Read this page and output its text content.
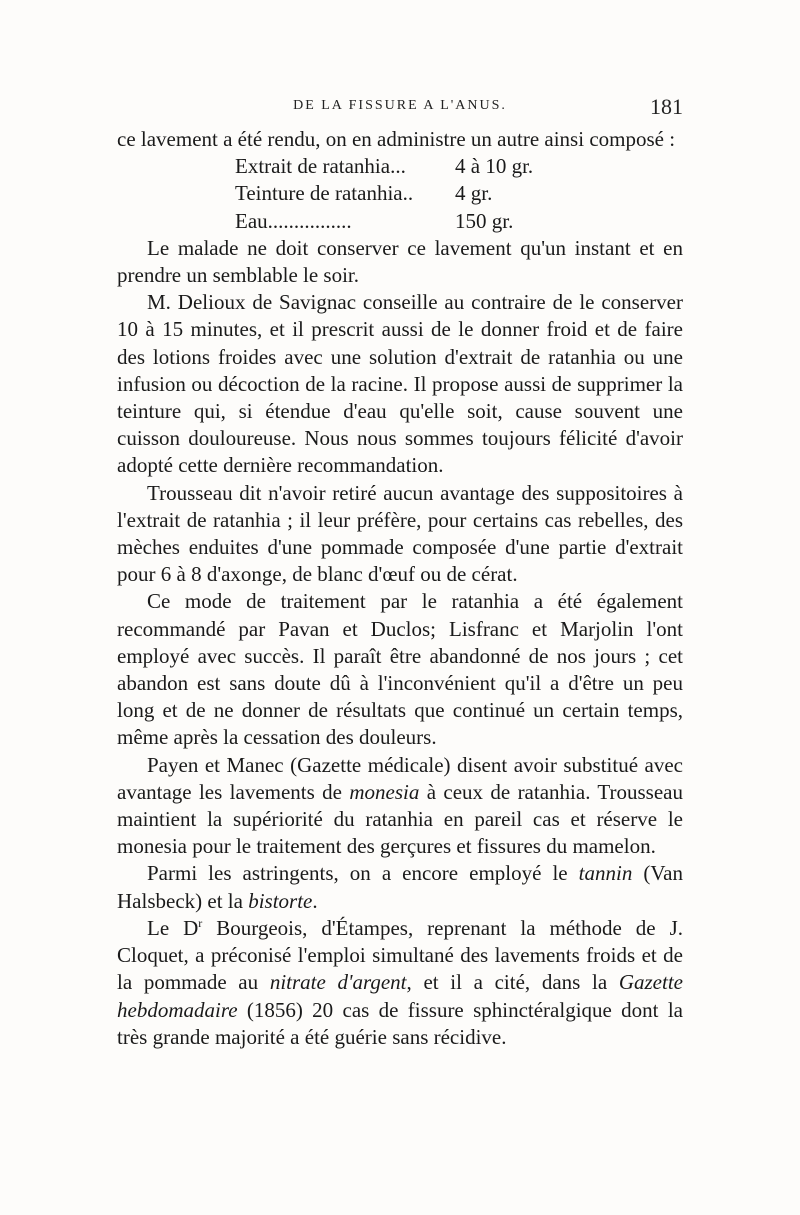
DE LA FISSURE A L'ANUS.	181

ce lavement a été rendu, on en administre un autre ainsi composé :

Extrait de ratanhia...	4 à 10 gr.
Teinture de ratanhia..	4 gr.
Eau................	150 gr.

Le malade ne doit conserver ce lavement qu'un instant et en prendre un semblable le soir.

M. Delioux de Savignac conseille au contraire de le conserver 10 à 15 minutes, et il prescrit aussi de le donner froid et de faire des lotions froides avec une solution d'extrait de ratanhia ou une infusion ou décoction de la racine. Il propose aussi de supprimer la teinture qui, si étendue d'eau qu'elle soit, cause souvent une cuisson douloureuse. Nous nous sommes toujours félicité d'avoir adopté cette dernière recommandation.

Trousseau dit n'avoir retiré aucun avantage des suppositoires à l'extrait de ratanhia ; il leur préfère, pour certains cas rebelles, des mèches enduites d'une pommade composée d'une partie d'extrait pour 6 à 8 d'axonge, de blanc d'œuf ou de cérat.

Ce mode de traitement par le ratanhia a été également recommandé par Pavan et Duclos; Lisfranc et Marjolin l'ont employé avec succès. Il paraît être abandonné de nos jours ; cet abandon est sans doute dû à l'inconvénient qu'il a d'être un peu long et de ne donner de résultats que continué un certain temps, même après la cessation des douleurs.

Payen et Manec (Gazette médicale) disent avoir substitué avec avantage les lavements de monesia à ceux de ratanhia. Trousseau maintient la supériorité du ratanhia en pareil cas et réserve le monesia pour le traitement des gerçures et fissures du mamelon.

Parmi les astringents, on a encore employé le tannin (Van Halsbeck) et la bistorte.

Le $D^r$ Bourgeois, d'Étampes, reprenant la méthode de J. Cloquet, a préconisé l'emploi simultané des lavements froids et de la pommade au nitrate d'argent, et il a cité, dans la Gazette hebdomadaire (1856) 20 cas de fissure sphinctéralgique dont la très grande majorité a été guérie sans récidive.
